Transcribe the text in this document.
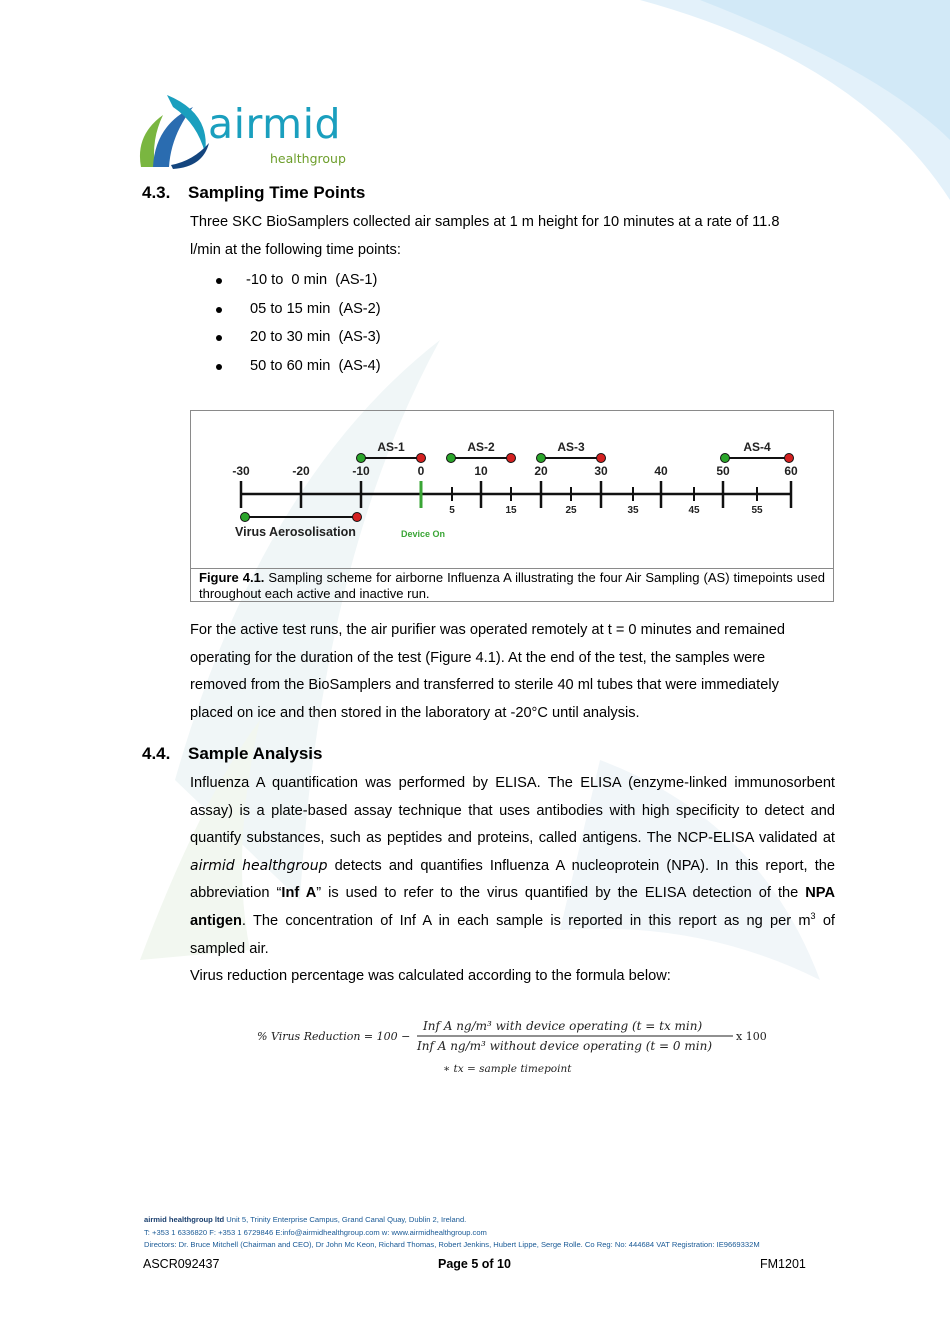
airmid
healthgroup
4.3. Sampling Time Points
Three SKC BioSamplers collected air samples at 1 m height for 10 minutes at a rate of 11.8
l/min at the following time points:
-10 to  0 min  (AS-1)
05 to 15 min  (AS-2)
20 to 30 min  (AS-3)
50 to 60 min  (AS-4)
-30	-20	-10	0	10	20	30	40	50	60
5	15	25	35	45	55
AS-1	AS-2	AS-3	AS-4
Virus Aerosolisation	Device On
Figure 4.1. Sampling scheme for airborne Influenza A illustrating the four Air Sampling (AS) timepoints used throughout each active and inactive run.
For the active test runs, the air purifier was operated remotely at t = 0 minutes and remained
operating for the duration of the test (Figure 4.1). At the end of the test, the samples were
removed from the BioSamplers and transferred to sterile 40 ml tubes that were immediately
placed on ice and then stored in the laboratory at -20°C until analysis.
4.4. Sample Analysis
Influenza A quantification was performed by ELISA. The ELISA (enzyme-linked immunosorbent assay) is a plate-based assay technique that uses antibodies with high specificity to detect and quantify substances, such as peptides and proteins, called antigens. The NCP-ELISA validated at airmid healthgroup detects and quantifies Influenza A nucleoprotein (NPA). In this report, the abbreviation “Inf A” is used to refer to the virus quantified by the ELISA detection of the NPA antigen. The concentration of Inf A in each sample is reported in this report as ng per $m^3$ of sampled air.
Virus reduction percentage was calculated according to the formula below:
% Virus Reduction = 100 −
Inf A ng/m³ with device operating (t = tx min)
Inf A ng/m³ without device operating (t = 0 min)
x 100
∗ tx = sample timepoint
airmid healthgroup ltd Unit 5, Trinity Enterprise Campus, Grand Canal Quay, Dublin 2, Ireland.
T: +353 1 6336820 F: +353 1 6729846 E:info@airmidhealthgroup.com w: www.airmidhealthgroup.com
Directors: Dr. Bruce Mitchell (Chairman and CEO), Dr John Mc Keon, Richard Thomas, Robert Jenkins, Hubert Lippe, Serge Rolle. Co Reg: No: 444684 VAT Registration: IE9669332M
ASCR092437	Page 5 of 10	FM1201
